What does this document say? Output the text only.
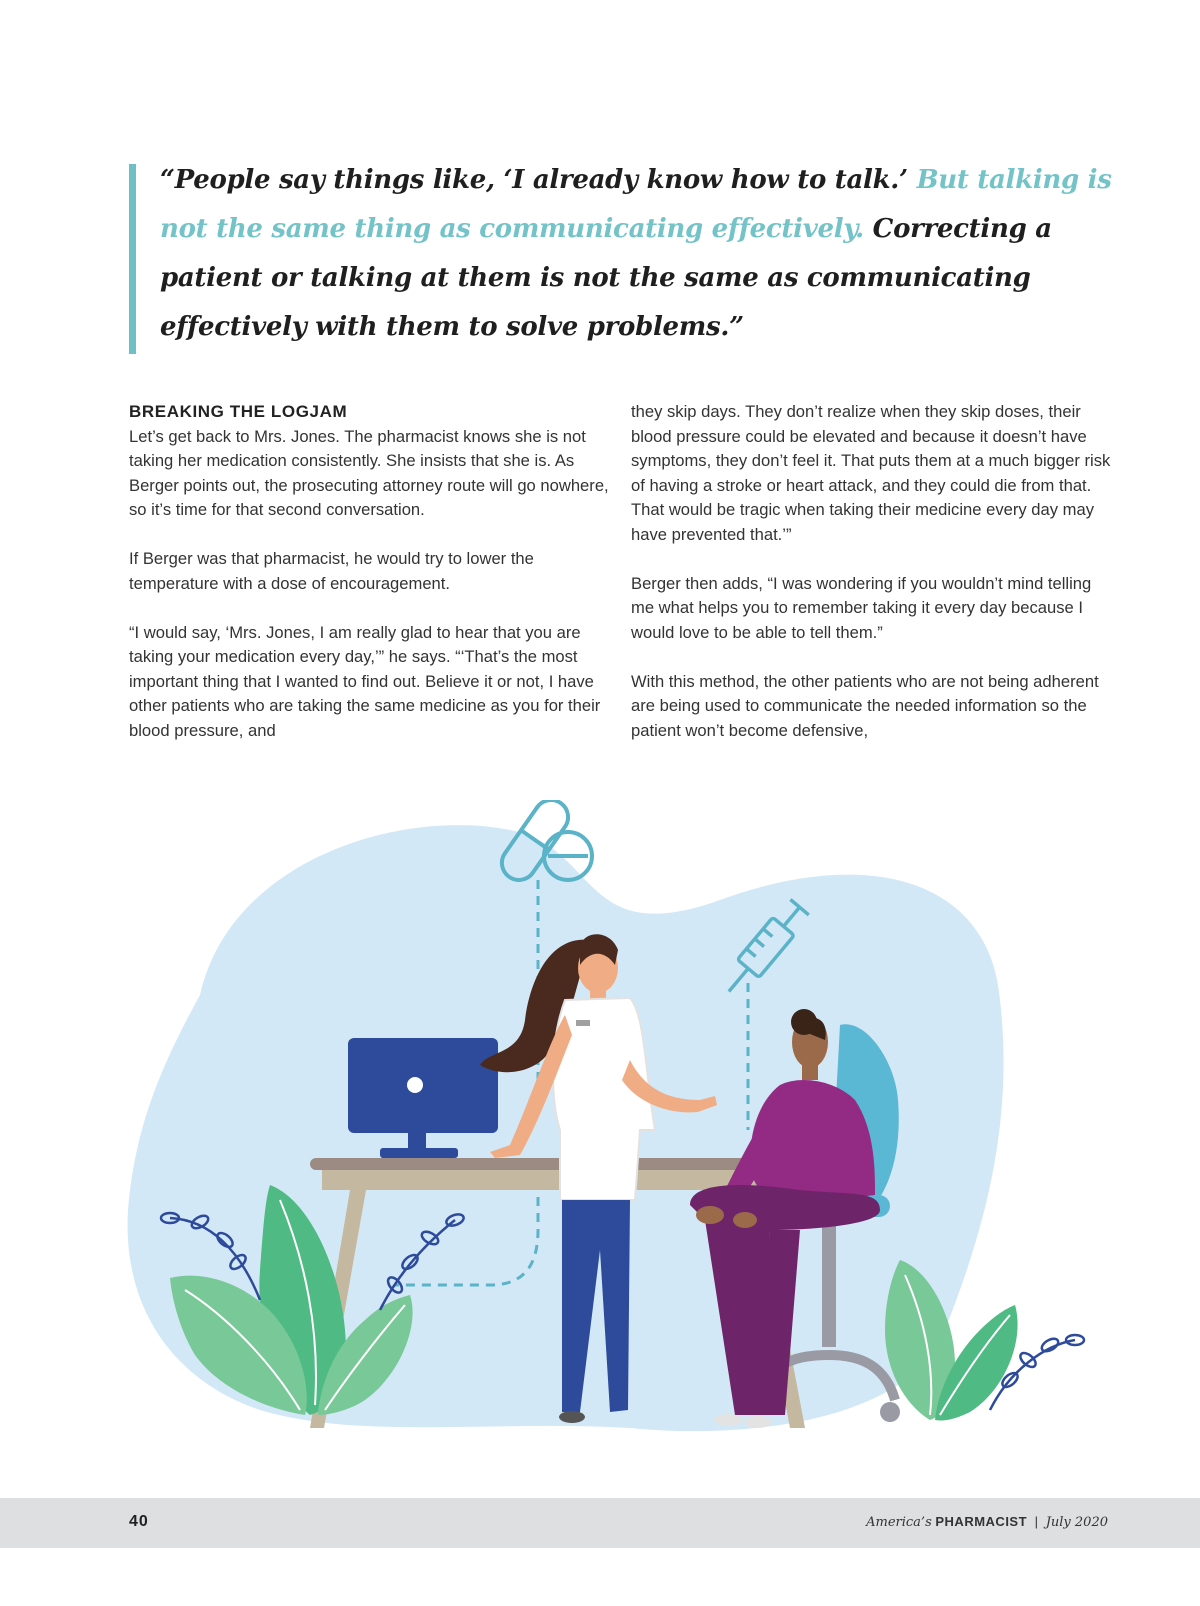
“People say things like, ‘I already know how to talk.’ But talking is not the same thing as communicating effectively. Correcting a patient or talking at them is not the same as communicating effectively with them to solve problems.”

BREAKING THE LOGJAM

Let’s get back to Mrs. Jones. The pharmacist knows she is not taking her medication consistently. She insists that she is. As Berger points out, the prosecuting attorney route will go nowhere, so it’s time for that second conversation.

If Berger was that pharmacist, he would try to lower the temperature with a dose of encouragement.

“I would say, ‘Mrs. Jones, I am really glad to hear that you are taking your medication every day,’” he says. “‘That’s the most important thing that I wanted to find out. Believe it or not, I have other patients who are taking the same medicine as you for their blood pressure, and

they skip days. They don’t realize when they skip doses, their blood pressure could be elevated and because it doesn’t have symptoms, they don’t feel it. That puts them at a much bigger risk of having a stroke or heart attack, and they could die from that. That would be tragic when taking their medicine every day may have prevented that.’”

Berger then adds, “I was wondering if you wouldn’t mind telling me what helps you to remember taking it every day because I would love to be able to tell them.”

With this method, the other patients who are not being adherent are being used to communicate the needed information so the patient won’t become defensive,

40	America’s PHARMACIST | July 2020
